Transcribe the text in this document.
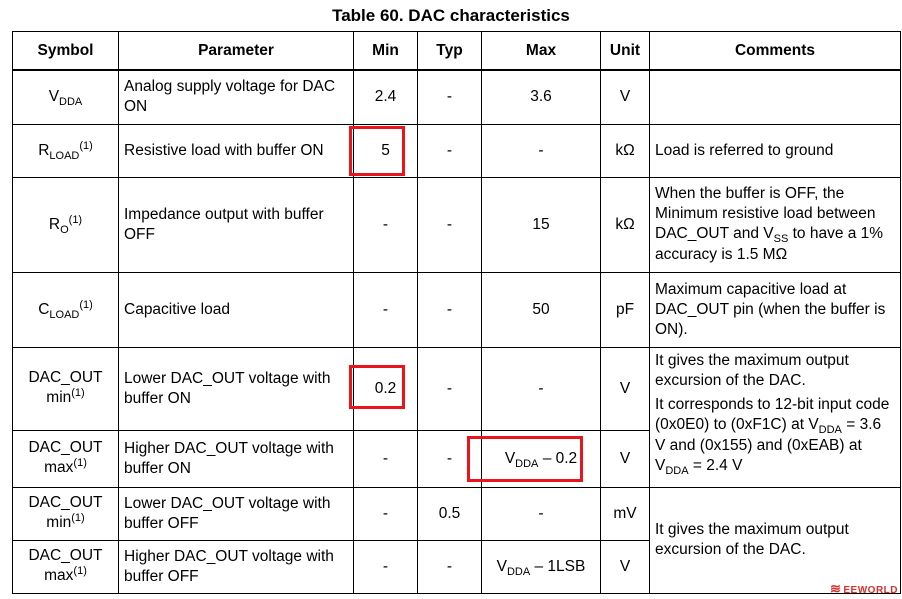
Table 60. DAC characteristics
Symbol	Parameter	Min	Typ	Max	Unit	Comments
$V_{DDA}$	Analog supply voltage for DAC ON	2.4	-	3.6	V	
$R_{LOAD}^{(1)}$	Resistive load with buffer ON	5	-	-	kΩ	Load is referred to ground
$R_O^{(1)}$	Impedance output with buffer OFF	-	-	15	kΩ	When the buffer is OFF, the Minimum resistive load between DAC_OUT and $V_{SS}$ to have a 1% accuracy is 1.5 MΩ
$C_{LOAD}^{(1)}$	Capacitive load	-	-	50	pF	Maximum capacitive load at DAC_OUT pin (when the buffer is ON).
DAC_OUT
$\min^{(1)}$	Lower DAC_OUT voltage with buffer ON	0.2	-	-	V	It gives the maximum output excursion of the DAC.
It corresponds to 12-bit input code (0x0E0) to (0xF1C) at $V_{DDA} = 3.6$ V and (0x155) and (0xEAB) at $V_{DDA} = 2.4$ V

DAC_OUT
$\max^{(1)}$	Higher DAC_OUT voltage with buffer ON	-	-	$V_{DDA} - 0.2$	V	
DAC_OUT
$\min^{(1)}$	Lower DAC_OUT voltage with buffer OFF	-	0.5	-	mV	It gives the maximum output excursion of the DAC.
DAC_OUT
$\max^{(1)}$	Higher DAC_OUT voltage with buffer OFF	-	-	$V_{DDA} - 1LSB$	V	
≋ EEWORLD
